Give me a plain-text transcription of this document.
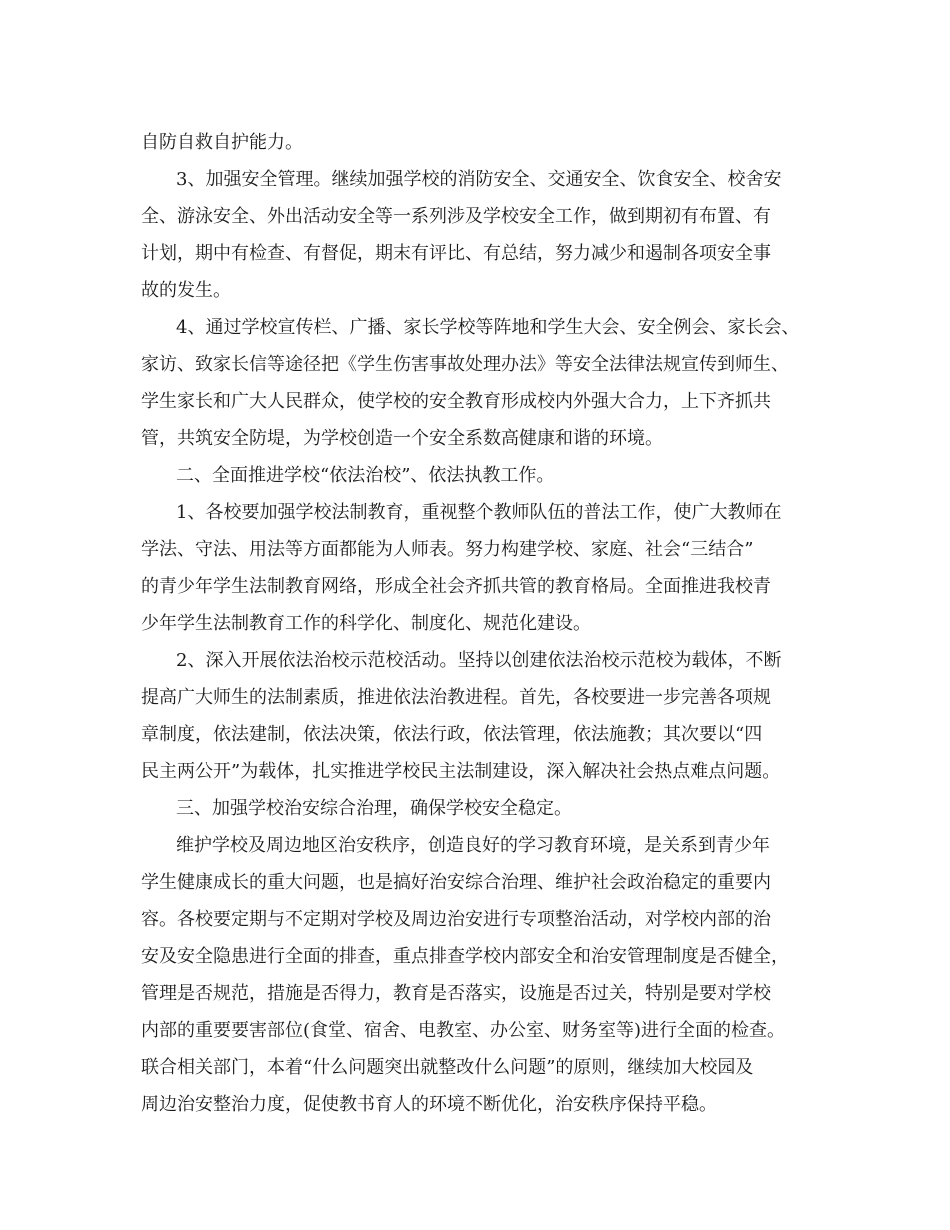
自防自救自护能力。
3、加强安全管理。继续加强学校的消防安全、交通安全、饮食安全、校舍安
全、游泳安全、外出活动安全等一系列涉及学校安全工作，做到期初有布置、有
计划，期中有检查、有督促，期末有评比、有总结，努力减少和遏制各项安全事
故的发生。
4、通过学校宣传栏、广播、家长学校等阵地和学生大会、安全例会、家长会、
家访、致家长信等途径把《学生伤害事故处理办法》等安全法律法规宣传到师生、
学生家长和广大人民群众，使学校的安全教育形成校内外强大合力，上下齐抓共
管，共筑安全防堤，为学校创造一个安全系数高健康和谐的环境。
二、全面推进学校“依法治校”、依法执教工作。
1、各校要加强学校法制教育，重视整个教师队伍的普法工作，使广大教师在
学法、守法、用法等方面都能为人师表。努力构建学校、家庭、社会“三结合”
的青少年学生法制教育网络，形成全社会齐抓共管的教育格局。全面推进我校青
少年学生法制教育工作的科学化、制度化、规范化建设。
2、深入开展依法治校示范校活动。坚持以创建依法治校示范校为载体，不断
提高广大师生的法制素质，推进依法治教进程。首先，各校要进一步完善各项规
章制度，依法建制，依法决策，依法行政，依法管理，依法施教；其次要以“四
民主两公开”为载体，扎实推进学校民主法制建设，深入解决社会热点难点问题。
三、加强学校治安综合治理，确保学校安全稳定。
维护学校及周边地区治安秩序，创造良好的学习教育环境，是关系到青少年
学生健康成长的重大问题，也是搞好治安综合治理、维护社会政治稳定的重要内
容。各校要定期与不定期对学校及周边治安进行专项整治活动，对学校内部的治
安及安全隐患进行全面的排查，重点排查学校内部安全和治安管理制度是否健全，
管理是否规范，措施是否得力，教育是否落实，设施是否过关，特别是要对学校
内部的重要要害部位(食堂、宿舍、电教室、办公室、财务室等)进行全面的检查。
联合相关部门，本着“什么问题突出就整改什么问题”的原则，继续加大校园及
周边治安整治力度，促使教书育人的环境不断优化，治安秩序保持平稳。
